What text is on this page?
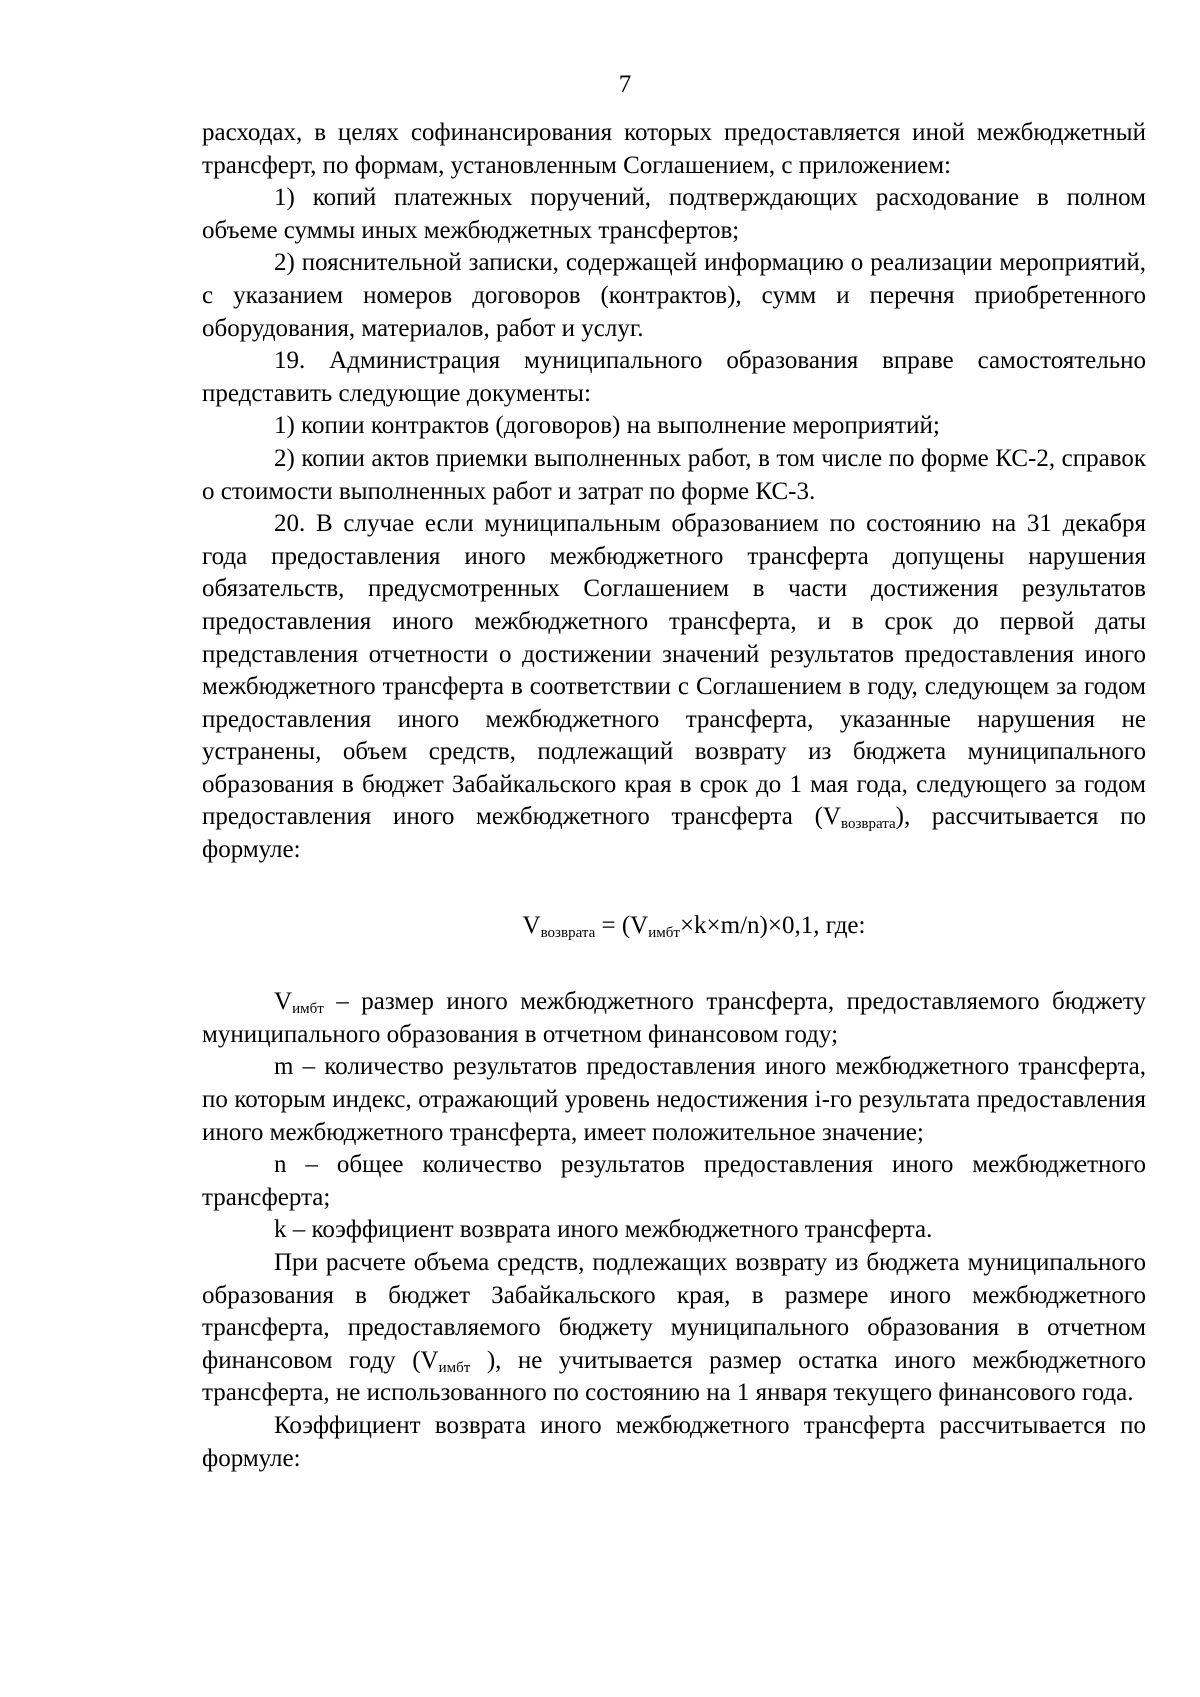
7

расходах, в целях софинансирования которых предоставляется иной межбюджетный трансферт, по формам, установленным Соглашением, с приложением:

1) копий платежных поручений, подтверждающих расходование в полном объеме суммы иных межбюджетных трансфертов;

2) пояснительной записки, содержащей информацию о реализации мероприятий, с указанием номеров договоров (контрактов), сумм и перечня приобретенного оборудования, материалов, работ и услуг.

19. Администрация муниципального образования вправе самостоятельно представить следующие документы:

1) копии контрактов (договоров) на выполнение мероприятий;

2) копии актов приемки выполненных работ, в том числе по форме КС-2, справок о стоимости выполненных работ и затрат по форме КС-3.

20. В случае если муниципальным образованием по состоянию на 31 декабря года предоставления иного межбюджетного трансферта допущены нарушения обязательств, предусмотренных Соглашением в части достижения результатов предоставления иного межбюджетного трансферта, и в срок до первой даты представления отчетности о достижении значений результатов предоставления иного межбюджетного трансферта в соответствии с Соглашением в году, следующем за годом предоставления иного межбюджетного трансферта, указанные нарушения не устранены, объем средств, подлежащий возврату из бюджета муниципального образования в бюджет Забайкальского края в срок до 1 мая года, следующего за годом предоставления иного межбюджетного трансферта $(V_{возврата})$, рассчитывается по формуле:

$V_{возврата} = (V_{имбт}\times k\times m/n)\times 0,1$, где:

$V_{имбт}$ – размер иного межбюджетного трансферта, предоставляемого бюджету муниципального образования в отчетном финансовом году;

m – количество результатов предоставления иного межбюджетного трансферта, по которым индекс, отражающий уровень недостижения i-го результата предоставления иного межбюджетного трансферта, имеет положительное значение;

n – общее количество результатов предоставления иного межбюджетного трансферта;

k – коэффициент возврата иного межбюджетного трансферта.

При расчете объема средств, подлежащих возврату из бюджета муниципального образования в бюджет Забайкальского края, в размере иного межбюджетного трансферта, предоставляемого бюджету муниципального образования в отчетном финансовом году ($V_{имбт}$ ), не учитывается размер остатка иного межбюджетного трансферта, не использованного по состоянию на 1 января текущего финансового года.

Коэффициент возврата иного межбюджетного трансферта рассчитывается по формуле:
